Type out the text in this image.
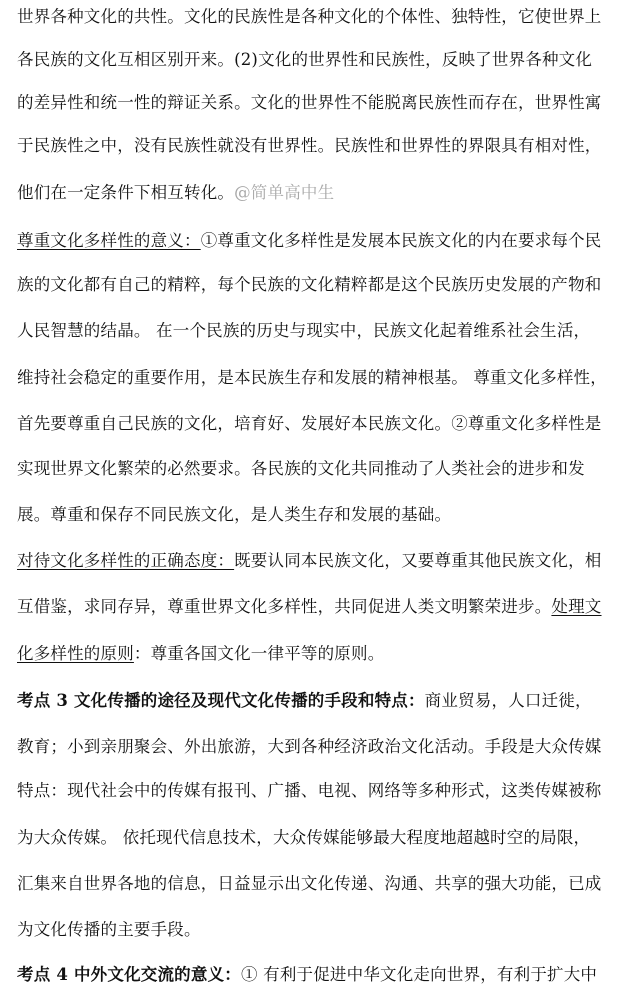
世界各种文化的共性。文化的民族性是各种文化的个体性、独特性，它使世界上
各民族的文化互相区别开来。(2)文化的世界性和民族性，反映了世界各种文化
的差异性和统一性的辩证关系。文化的世界性不能脱离民族性而存在，世界性寓
于民族性之中，没有民族性就没有世界性。民族性和世界性的界限具有相对性，
他们在一定条件下相互转化。@简单高中生
尊重文化多样性的意义：①尊重文化多样性是发展本民族文化的内在要求每个民
族的文化都有自己的精粹，每个民族的文化精粹都是这个民族历史发展的产物和
人民智慧的结晶。 在一个民族的历史与现实中，民族文化起着维系社会生活，
维持社会稳定的重要作用，是本民族生存和发展的精神根基。 尊重文化多样性，
首先要尊重自己民族的文化，培育好、发展好本民族文化。②尊重文化多样性是
实现世界文化繁荣的必然要求。各民族的文化共同推动了人类社会的进步和发
展。尊重和保存不同民族文化，是人类生存和发展的基础。
对待文化多样性的正确态度：既要认同本民族文化，又要尊重其他民族文化，相
互借鉴，求同存异，尊重世界文化多样性，共同促进人类文明繁荣进步。处理文
化多样性的原则：尊重各国文化一律平等的原则。
考点 3 文化传播的途径及现代文化传播的手段和特点：商业贸易，人口迁徙，
教育；小到亲朋聚会、外出旅游，大到各种经济政治文化活动。手段是大众传媒
特点：现代社会中的传媒有报刊、广播、电视、网络等多种形式，这类传媒被称
为大众传媒。 依托现代信息技术，大众传媒能够最大程度地超越时空的局限，
汇集来自世界各地的信息，日益显示出文化传递、沟通、共享的强大功能，已成
为文化传播的主要手段。
考点 4 中外文化交流的意义：① 有利于促进中华文化走向世界，有利于扩大中
